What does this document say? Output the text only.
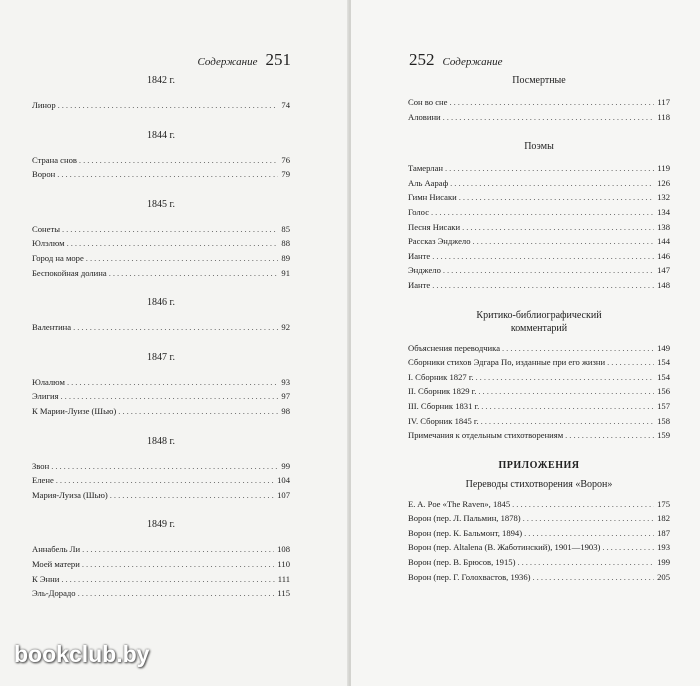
Содержание 251
1842 г.
Линор .....	74
1844 г.
Страна снов .....	76
Ворон .....	79
1845 г.
Сонеты .....	85
Юлэлюм .....	88
Город на море .....	89
Беспокойная долина .....	91
1846 г.
Валентина .....	92
1847 г.
Юлалюм .....	93
Элигия .....	97
К Марии-Луизе (Шью) .....	98
1848 г.
Звон .....	99
Елене .....	104
Мария-Луиза (Шью) .....	107
1849 г.
Аннабель Ли .....	108
Моей матери .....	110
К Энни .....	111
Эль-Дорадо .....	115
252 Содержание
Посмертные
Сон во сне .....	117
Аловини .....	118
Поэмы
Тамерлан .....	119
Аль Аараф .....	126
Гимн Нисаки .....	132
Голос .....	134
Песня Нисаки .....	138
Рассказ Энджело .....	144
Ианте .....	146
Энджело .....	147
Ианте .....	148
Критико-библиографический
комментарий
Объяснения переводчика .....	149
Сборники стихов Эдгара По, изданные при его жизни .....	154
I. Сборник 1827 г. .....	154
II. Сборник 1829 г. .....	156
III. Сборник 1831 г. .....	157
IV. Сборник 1845 г. .....	158
Примечания к отдельным стихотворениям .....	159
ПРИЛОЖЕНИЯ
Переводы стихотворения «Ворон»
E. A. Poe «The Raven», 1845 .....	175
Ворон (пер. Л. Пальмин, 1878) .....	182
Ворон (пер. К. Бальмонт, 1894) .....	187
Ворон (пер. Altalena (В. Жаботинский), 1901—1903) .....	193
Ворон (пер. В. Брюсов, 1915) .....	199
Ворон (пер. Г. Голохвастов, 1936) .....	205
bookclub.by
